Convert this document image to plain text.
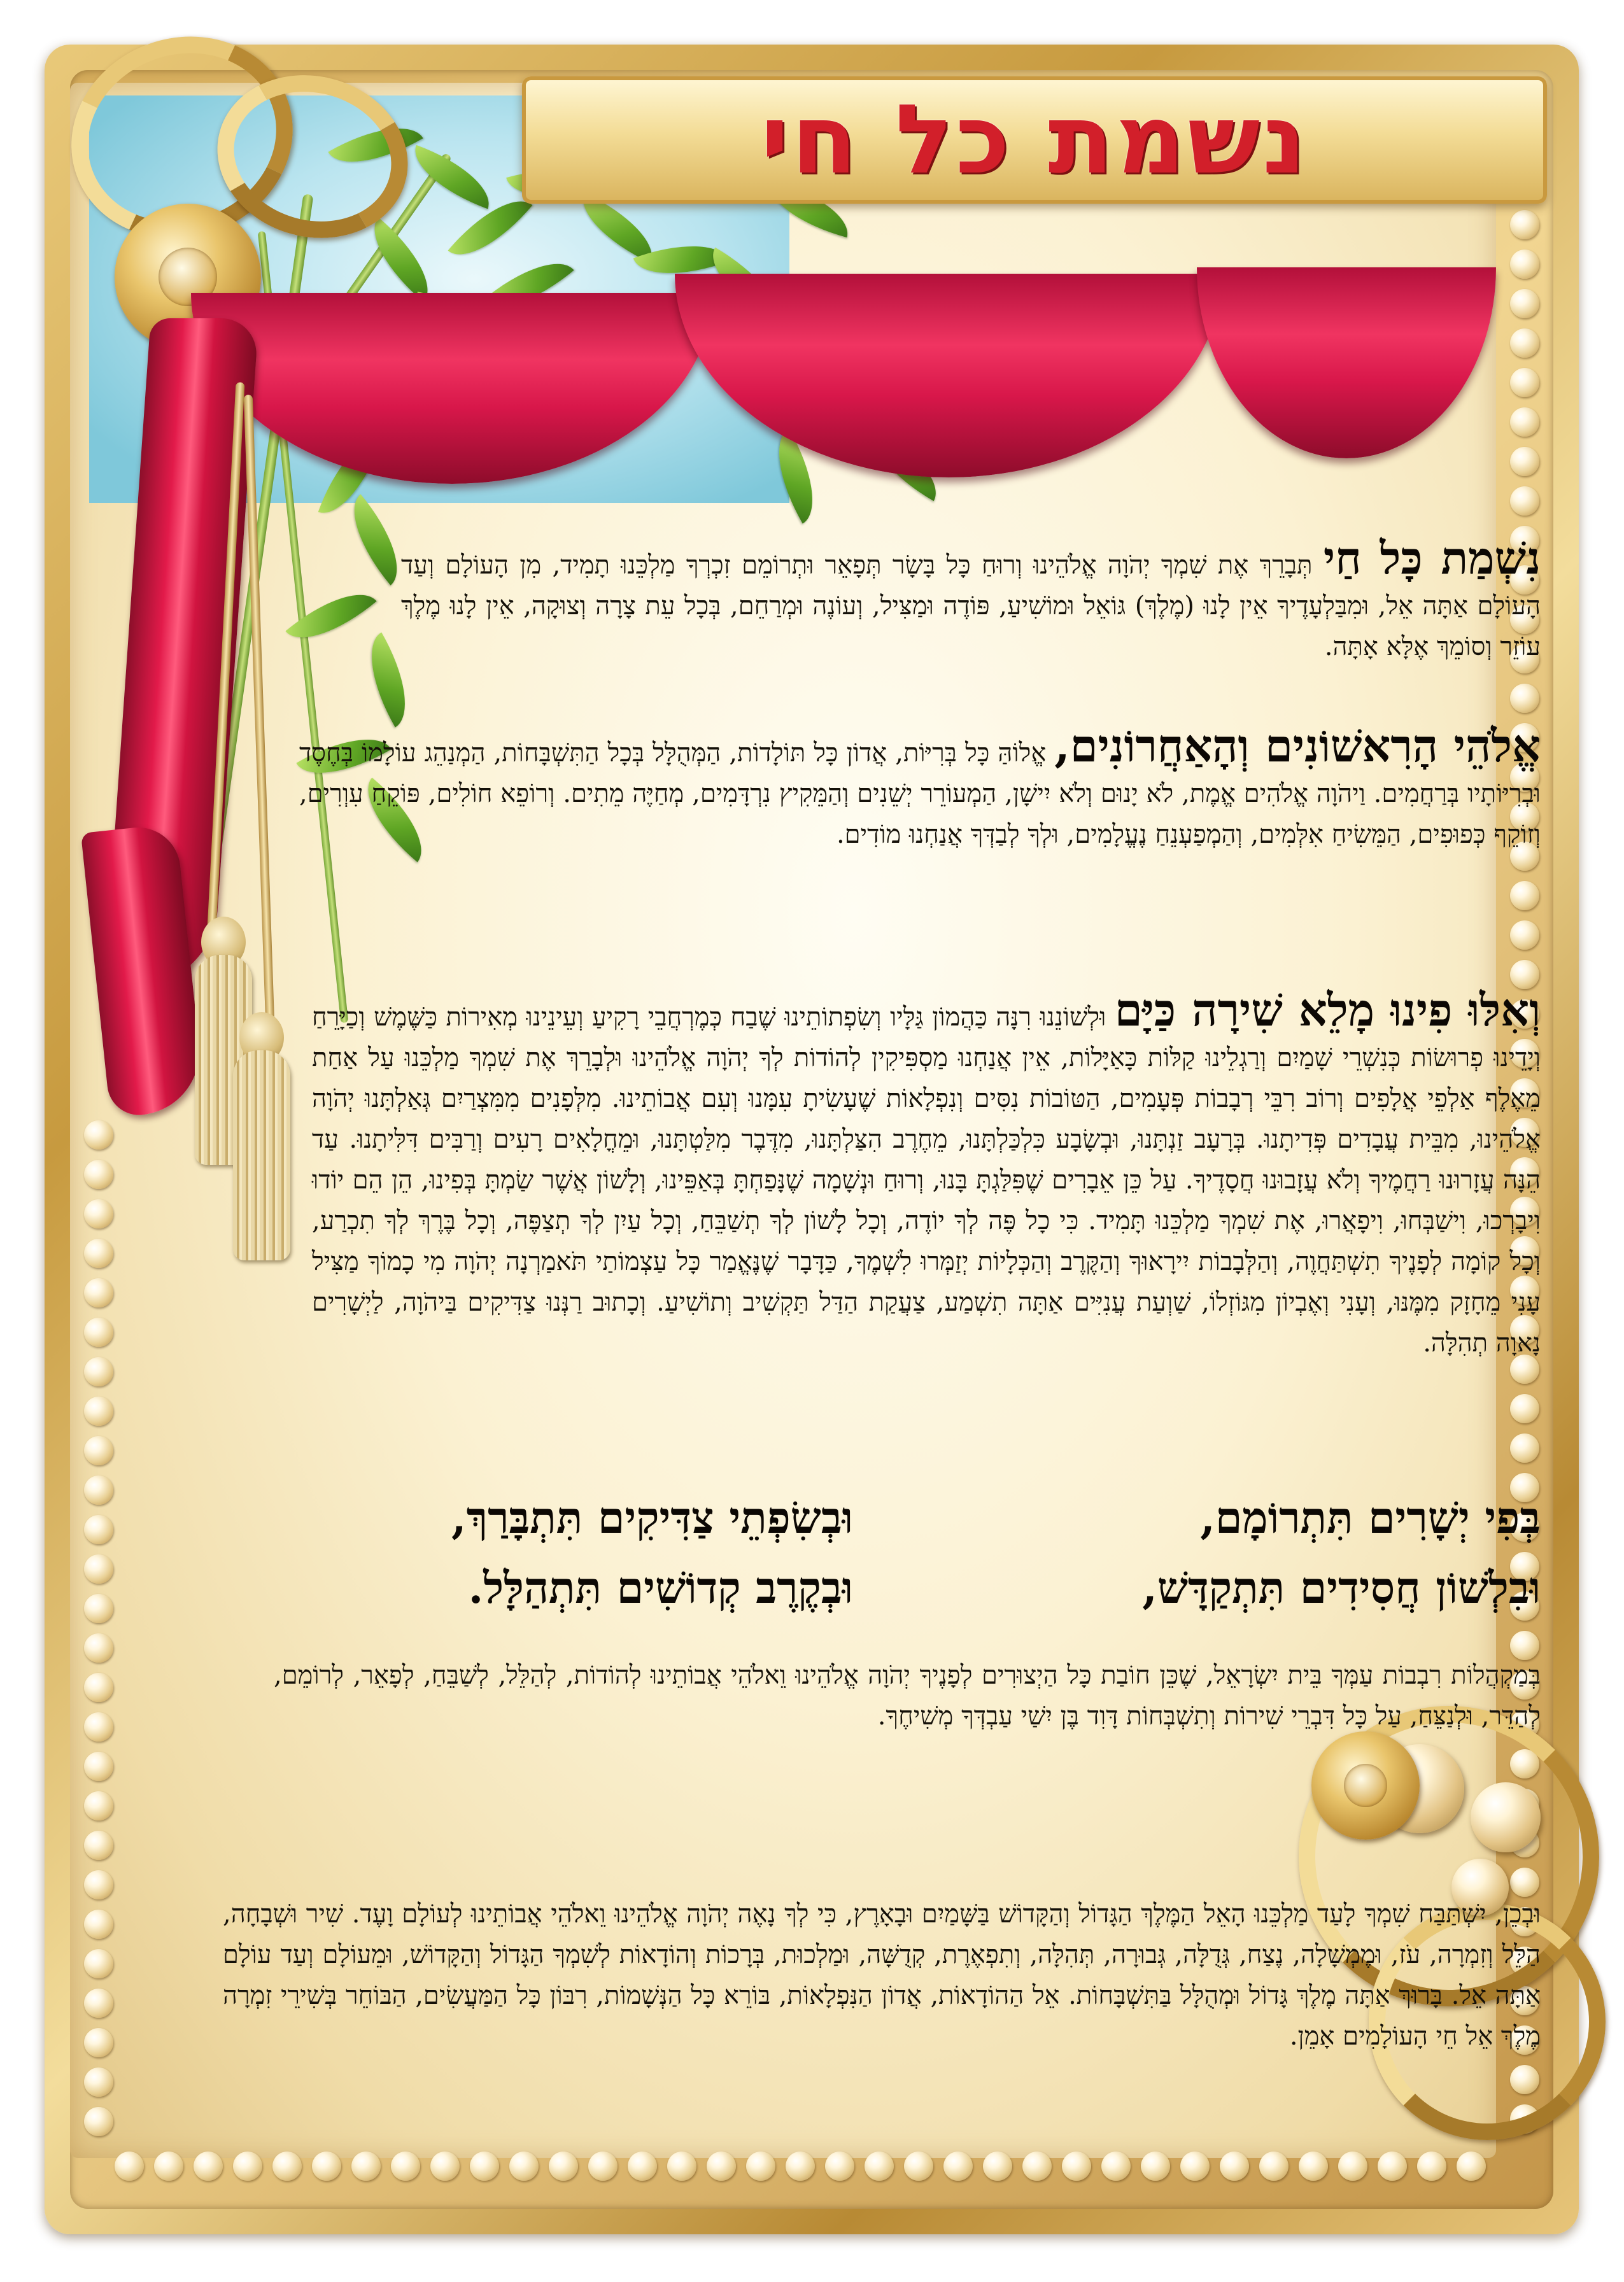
נשמת כל חי
נִשְׁמַת כָּל חַי תְּבָרֵךְ אֶת שִׁמְךָ יְהֹוָה אֱלֹהֵינוּ וְרוּחַ כָּל בָּשָׂר תְּפָאֵר וּתְרוֹמֵם זִכְרְךָ מַלְכֵּנוּ תָמִיד, מִן הָעוֹלָם וְעַד הָעוֹלָם אַתָּה אֵל, וּמִבַּלְעָדֶיךָ אֵין לָנוּ (מֶלֶךְ) גּוֹאֵל וּמוֹשִׁיעַ, פּוֹדֶה וּמַצִּיל, וְעוֹנֶה וּמְרַחֵם, בְּכָל עֵת צָרָה וְצוּקָה, אֵין לָנוּ מֶלֶךְ עוֹזֵר וְסוֹמֵךְ אֶלָּא אָתָּה.
אֱלֹהֵי הָרִאשׁוֹנִים וְהָאַחֲרוֹנִים, אֱלוֹהַּ כָּל בְּרִיּוֹת, אֲדוֹן כָּל תּוֹלָדוֹת, הַמְּהֻלָּל בְּכָל הַתִּשְׁבָּחוֹת, הַמְנַהֵג עוֹלָמוֹ בְּחֶסֶד וּבְרִיּוֹתָיו בְּרַחֲמִים. וַיהֹוָה אֱלֹהִים אֱמֶת, לֹא יָנוּם וְלֹא יִישָׁן, הַמְעוֹרֵר יְשֵׁנִים וְהַמֵּקִיץ נִרְדָּמִים, מְחַיֶּה מֵתִים. וְרוֹפֵא חוֹלִים, פּוֹקֵחַ עִוְרִים, וְזוֹקֵף כְּפוּפִים, הַמֵּשִׂיחַ אִלְּמִים, וְהַמְפַעְנֵחַ נֶעֱלָמִים, וּלְךָ לְבַדְּךָ אֲנַחְנוּ מוֹדִים.
וְאִלּוּ פִינוּ מָלֵא שִׁירָה כַּיָּם וּלְשׁוֹנֵנוּ רִנָּה כַּהֲמוֹן גַּלָּיו וְשִׂפְתוֹתֵינוּ שֶׁבַח כְּמֶרְחֲבֵי רָקִיעַ וְעֵינֵינוּ מְאִירוֹת כַּשֶּׁמֶשׁ וְכַיָּרֵחַ וְיָדֵינוּ פְרוּשׂוֹת כְּנִשְׁרֵי שָׁמַיִם וְרַגְלֵינוּ קַלּוֹת כָּאַיָּלוֹת, אֵין אֲנַחְנוּ מַסְפִּיקִין לְהוֹדוֹת לְךָ יְהֹוָה אֱלֹהֵינוּ וּלְבָרֵךְ אֶת שִׁמְךָ מַלְכֵּנוּ עַל אַחַת מֵאֶלֶף אַלְפֵי אֲלָפִים וְרוֹב רִבֵּי רְבָבוֹת פְּעָמִים, הַטּוֹבוֹת נִסִּים וְנִפְלָאוֹת שֶׁעָשִׂיתָ עִמָּנוּ וְעִם אֲבוֹתֵינוּ. מִלְּפָנִים מִמִּצְרַיִם גְּאַלְתָּנוּ יְהֹוָה אֱלֹהֵינוּ, מִבֵּית עֲבָדִים פְּדִיתָנוּ. בְּרָעָב זַנְתָּנוּ, וּבְשָׂבָע כִּלְכַּלְתָּנוּ, מֵחֶרֶב הִצַּלְתָּנוּ, מִדֶּבֶר מִלַּטְתָּנוּ, וּמֵחֳלָאִים רָעִים וְרַבִּים דִּלִּיתָנוּ. עַד הֵנָּה עֲזָרוּנוּ רַחֲמֶיךָ וְלֹא עֲזָבוּנוּ חֲסָדֶיךָ. עַל כֵּן אֵבָרִים שֶׁפִּלַּגְתָּ בָּנוּ, וְרוּחַ וּנְשָׁמָה שֶׁנָּפַחְתָּ בְּאַפֵּינוּ, וְלָשׁוֹן אֲשֶׁר שַׂמְתָּ בְּפִינוּ, הֵן הֵם יוֹדוּ וִיבָרְכוּ, וִישַׁבְּחוּ, וִיפָאֲרוּ, אֶת שִׁמְךָ מַלְכֵּנוּ תָּמִיד. כִּי כָל פֶּה לְךָ יוֹדֶה, וְכָל לָשׁוֹן לְךָ תְשַׁבֵּחַ, וְכָל עַיִן לְךָ תְצַפֶּה, וְכָל בֶּרֶךְ לְךָ תִכְרַע, וְכָל קוֹמָה לְפָנֶיךָ תִשְׁתַּחֲוֶה, וְהַלְּבָבוֹת יִירָאוּךָ וְהַקֶּרֶב וְהַכְּלָיוֹת יְזַמְּרוּ לִשְׁמֶךָ, כַּדָּבָר שֶׁנֶּאֱמַר כָּל עַצְמוֹתַי תֹּאמַרְנָה יְהֹוָה מִי כָמוֹךָ מַצִּיל עָנִי מֵחָזָק מִמֶּנּוּ, וְעָנִי וְאֶבְיוֹן מִגּוֹזְלוֹ, שַׁוְעַת עֲנִיִּים אַתָּה תִשְׁמַע, צַעֲקַת הַדַּל תַּקְשִׁיב וְתוֹשִׁיעַ. וְכָתוּב רַנְּנוּ צַדִּיקִים בַּיהֹוָה, לַיְשָׁרִים נָאוָה תְהִלָּה.
בְּפִי יְשָׁרִים תִּתְרוֹמָם,
וּבִלְשׁוֹן חֲסִידִים תִּתְקַדָּשׁ,
וּבְשִׂפְתֵי צַדִּיקִים תִּתְבָּרַךְ,
וּבְקֶרֶב קְדוֹשִׁים תִּתְהַלָּל.
בְּמַקְהֲלוֹת רִבְבוֹת עַמְּךָ בֵּית יִשְׂרָאֵל, שֶׁכֵּן חוֹבַת כָּל הַיְצוּרִים לְפָנֶיךָ יְהֹוָה אֱלֹהֵינוּ וֵאלֹהֵי אֲבוֹתֵינוּ לְהוֹדוֹת, לְהַלֵּל, לְשַׁבֵּחַ, לְפָאֵר, לְרוֹמֵם, לְהַדֵּר, וּלְנַצֵּחַ, עַל כָּל דִּבְרֵי שִׁירוֹת וְתִשְׁבְּחוֹת דָּוִד בֶּן יִשַׁי עַבְדְּךָ מְשִׁיחֶךָ.
וּבְכֵן, יִשְׁתַּבַּח שִׁמְךָ לָעַד מַלְכֵּנוּ הָאֵל הַמֶּלֶךְ הַגָּדוֹל וְהַקָּדוֹשׁ בַּשָּׁמַיִם וּבָאָרֶץ, כִּי לְךָ נָאֶה יְהֹוָה אֱלֹהֵינוּ וֵאלֹהֵי אֲבוֹתֵינוּ לְעוֹלָם וָעֶד. שִׁיר וּשְׁבָחָה, הַלֵּל וְזִמְרָה, עֹז, וּמֶמְשָׁלָה, נֶצַח, גְּדֻלָּה, גְּבוּרָה, תְּהִלָּה, וְתִפְאֶרֶת, קְדֻשָּׁה, וּמַלְכוּת, בְּרָכוֹת וְהוֹדָאוֹת לְשִׁמְךָ הַגָּדוֹל וְהַקָּדוֹשׁ, וּמֵעוֹלָם וְעַד עוֹלָם אַתָּה אֵל. בָּרוּךְ אַתָּה מֶלֶךְ גָּדוֹל וּמְהֻלָּל בַּתִּשְׁבָּחוֹת. אֵל הַהוֹדָאוֹת, אֲדוֹן הַנִּפְלָאוֹת, בּוֹרֵא כָּל הַנְּשָׁמוֹת, רִבּוֹן כָּל הַמַּעֲשִׂים, הַבּוֹחֵר בְּשִׁירֵי זִמְרָה מֶלֶךְ אֵל חֵי הָעוֹלָמִים אָמֵן.
